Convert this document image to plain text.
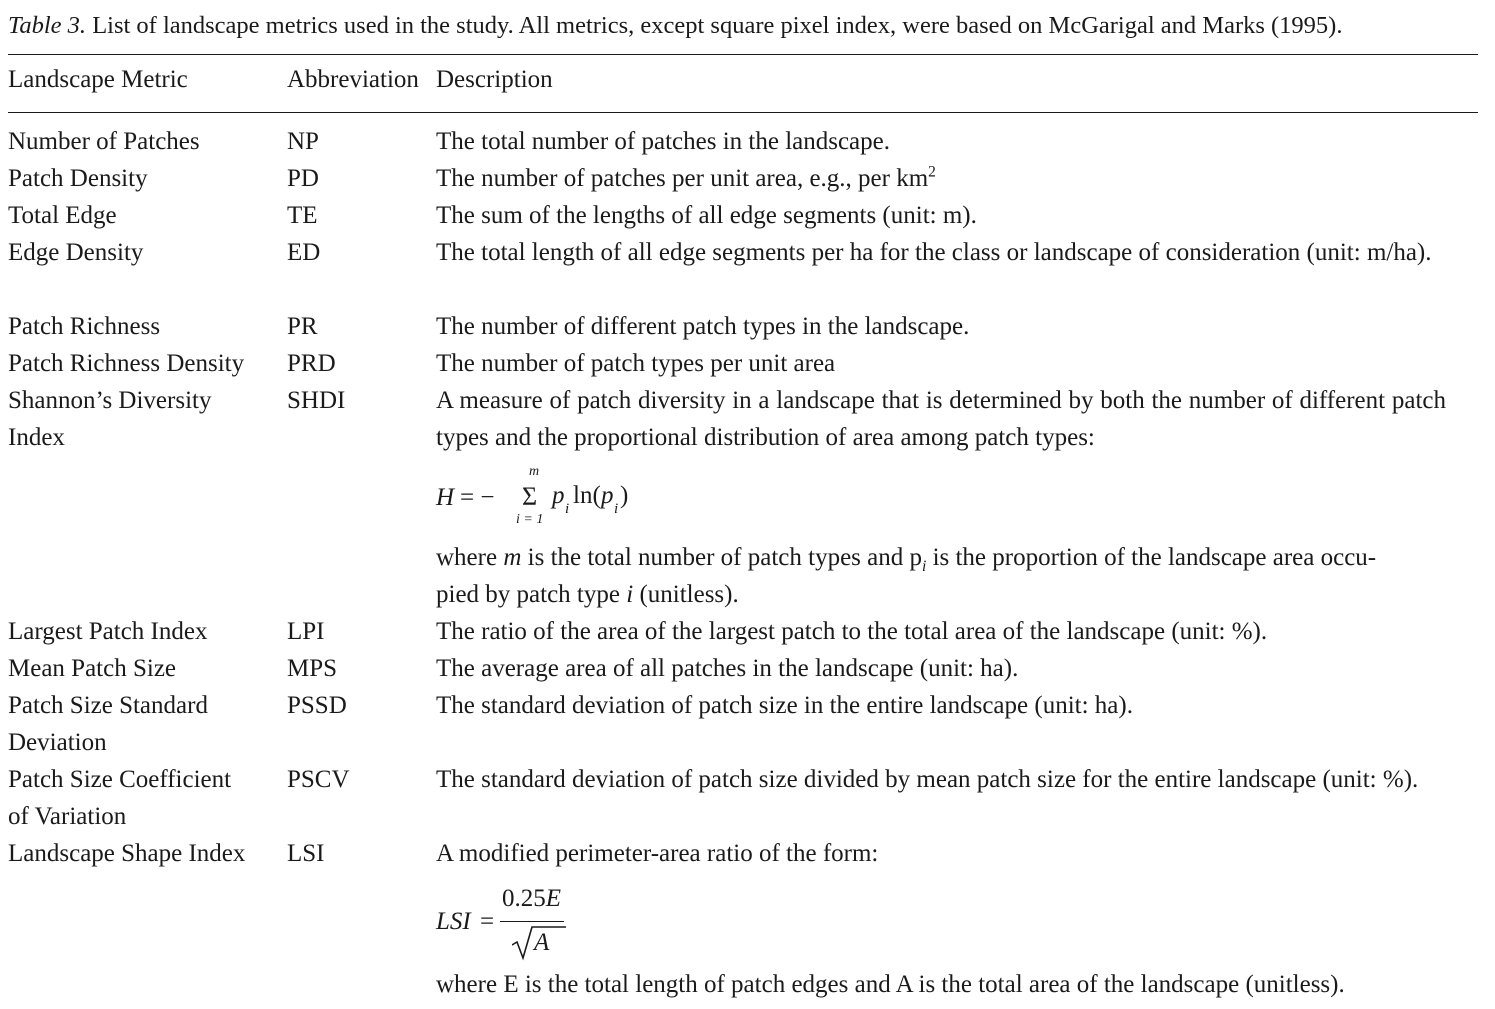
Table 3. List of landscape metrics used in the study. All metrics, except square pixel index, were based on McGarigal and Marks (1995).
Landscape Metric	Abbreviation Description
Number of Patches	NP	The total number of patches in the landscape.
Patch Density	PD	The number of patches per unit area, e.g., per $km^2$
Total Edge	TE	The sum of the lengths of all edge segments (unit: m).
Edge Density	ED	The total length of all edge segments per ha for the class or landscape of consideration (unit: m/ha).
Patch Richness	PR	The number of different patch types in the landscape.
Patch Richness Density PRD	The number of patch types per unit area
Shannon’s Diversity
Index
SHDI	A measure of patch diversity in a landscape that is determined by both the number of different patch types and the proportional distribution of area among patch types:
H = −
m
Σ
i = 1
p i ln( p i )
where m is the total number of patch types and $p_i$ is the proportion of the landscape area occu-
pied by patch type i (unitless).
Largest Patch Index	LPI	The ratio of the area of the largest patch to the total area of the landscape (unit: %).
Mean Patch Size	MPS	The average area of all patches in the landscape (unit: ha).
Patch Size Standard
Deviation
PSSD	The standard deviation of patch size in the entire landscape (unit: ha).
Patch Size Coefficient
of Variation
PSCV	The standard deviation of patch size divided by mean patch size for the entire landscape (unit: %).
Landscape Shape Index LSI	A modified perimeter-area ratio of the form:
LSI =
0.25E
A
where E is the total length of patch edges and A is the total area of the landscape (unitless).
